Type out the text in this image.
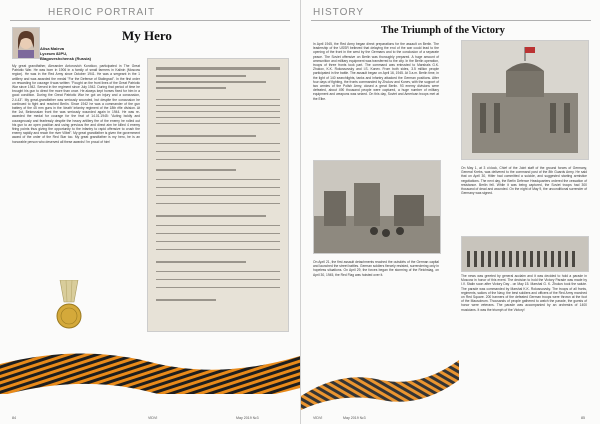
HEROIC PORTRAIT
Alisa Maleva
Lyceum 82PU,
Blagoveshchensk (Russia)
My Hero
My great grandfather, Alexander Antonovich Korotkov, participated in The Great Patriotic War. He was born in 1906 in a family of small farmers in Kalinin (Moscow region). He was in the Red Army since October 1941. He was a sergeant in the 1 artillery and was awarded the medal "For the Defense of Stalingrad". In the first order on rewarding for courage it was written: "Fought on the front lines of the Great Patriotic War since 1942. Served in the regiment since July 1942. During that period of time he brought his gun to direct fire more than once. He always kept horses fixed for him in a good condition. During the Great Patriotic War he got an injury and a concussion, 2.4.43". My great-grandfather was seriously wounded, but despite the concussion he continued to fight and reached Berlin. Since 1942 he was a commander of the gun battery of the 45 mm guns in the 'death' infantry regiment of the 18th rifle division. At the 1st, Belorussian front the was seriously wounded again in 1944. He was re-awarded the medal for courage for the feat of 14.01.1945: "Acting boldly and courageously and fearlessly despite the heavy artillery fire of the enemy he rolled out his gun to an open position and using previous fire and direct aim he killed 4 enemy firing points thus giving the opportunity to the infantry to rapid offensive to crush the enemy rapidly and reach the river Vilbel". My great grandfather is given the government award of the order of the Red Star too. My great grandfather is my hero, he is an honorable person who deserved all these awards! I'm proud of him!
84	VIDVI	May 2019 №3
HISTORY
The Triumph of the Victory
In April 1945, the Red Army began direct preparations for the assault on Berlin. The leadership of the USSR believed that delaying the end of the war could lead to the opening of the front in the west by the Germans and to the conclusion of a separate peace. The Soviet offensive on Berlin was thoroughly prepared. A huge amount of ammunition and military equipment was transferred to the city. In the Berlin operation, troops of three fronts took part. The command was entrusted to Marshals G.K. Zhukov, K.K. Rokossovsky and I.S. Konev. From both sides, 3.5 million people participated in the battle. The assault began on April 16, 1945. At 3 a.m. Berlin time, in the light of 140 searchlights, tanks and infantry attacked the German positions. After four days of fighting, the fronts commanded by Zhukov and Konev, with the support of two armies of the Polish Army, closed a great Berlin. 93 enemy divisions were defeated, about 490 thousand people were captured, a huge number of military equipment and weapons was seized. On this day, Soviet and American troops met at the Elbe.
On April 21, the first assault detachments reached the outskirts of the German capital and launched the street battles. German soldiers fiercely resisted, surrendering only in hopeless situations. On April 29, the forces began the storming of the Reichstag, on April 30, 1945, the Red Flag was hoisted over it.
On May 1, at 3 o'clock, Chief of the Joint staff of the ground forces of Germany, General Krebs, was delivered to the command post of the 8th Guards Army. He said that on April 30, Hitler had committed a suicide, and suggested starting armistice negotiations. The next day, the Berlin Defence Headquarters ordered the cessation of resistance. Berlin fell. While it was being captured, the Soviet troops had 300 thousand of dead and wounded. On the night of May 9, the unconditional surrender of Germany was signed.
The news was greeted by general acclaim and it was decided to hold a parade in Moscow in honor of this event. The decision to hold the Victory Parade was made by I.V. Stalin soon after Victory Day - on May 15. Marshal G. K. Zhukov took the salute. The parade was commanded by Marshal K.K. Rokossovsky. The troops of all fronts, regiments, sailors of the Navy, the best soldiers and officers of the Red Army marched on Red Square. 200 banners of the defeated German troops were thrown at the foot of the Mausoleum. Thousands of people gathered to watch the parade, the guests of honor were veterans. The parade was accompanied by an orchestra of 1400 musicians. It was the triumph of the Victory!
VIDVI	May 2019 №3	85
